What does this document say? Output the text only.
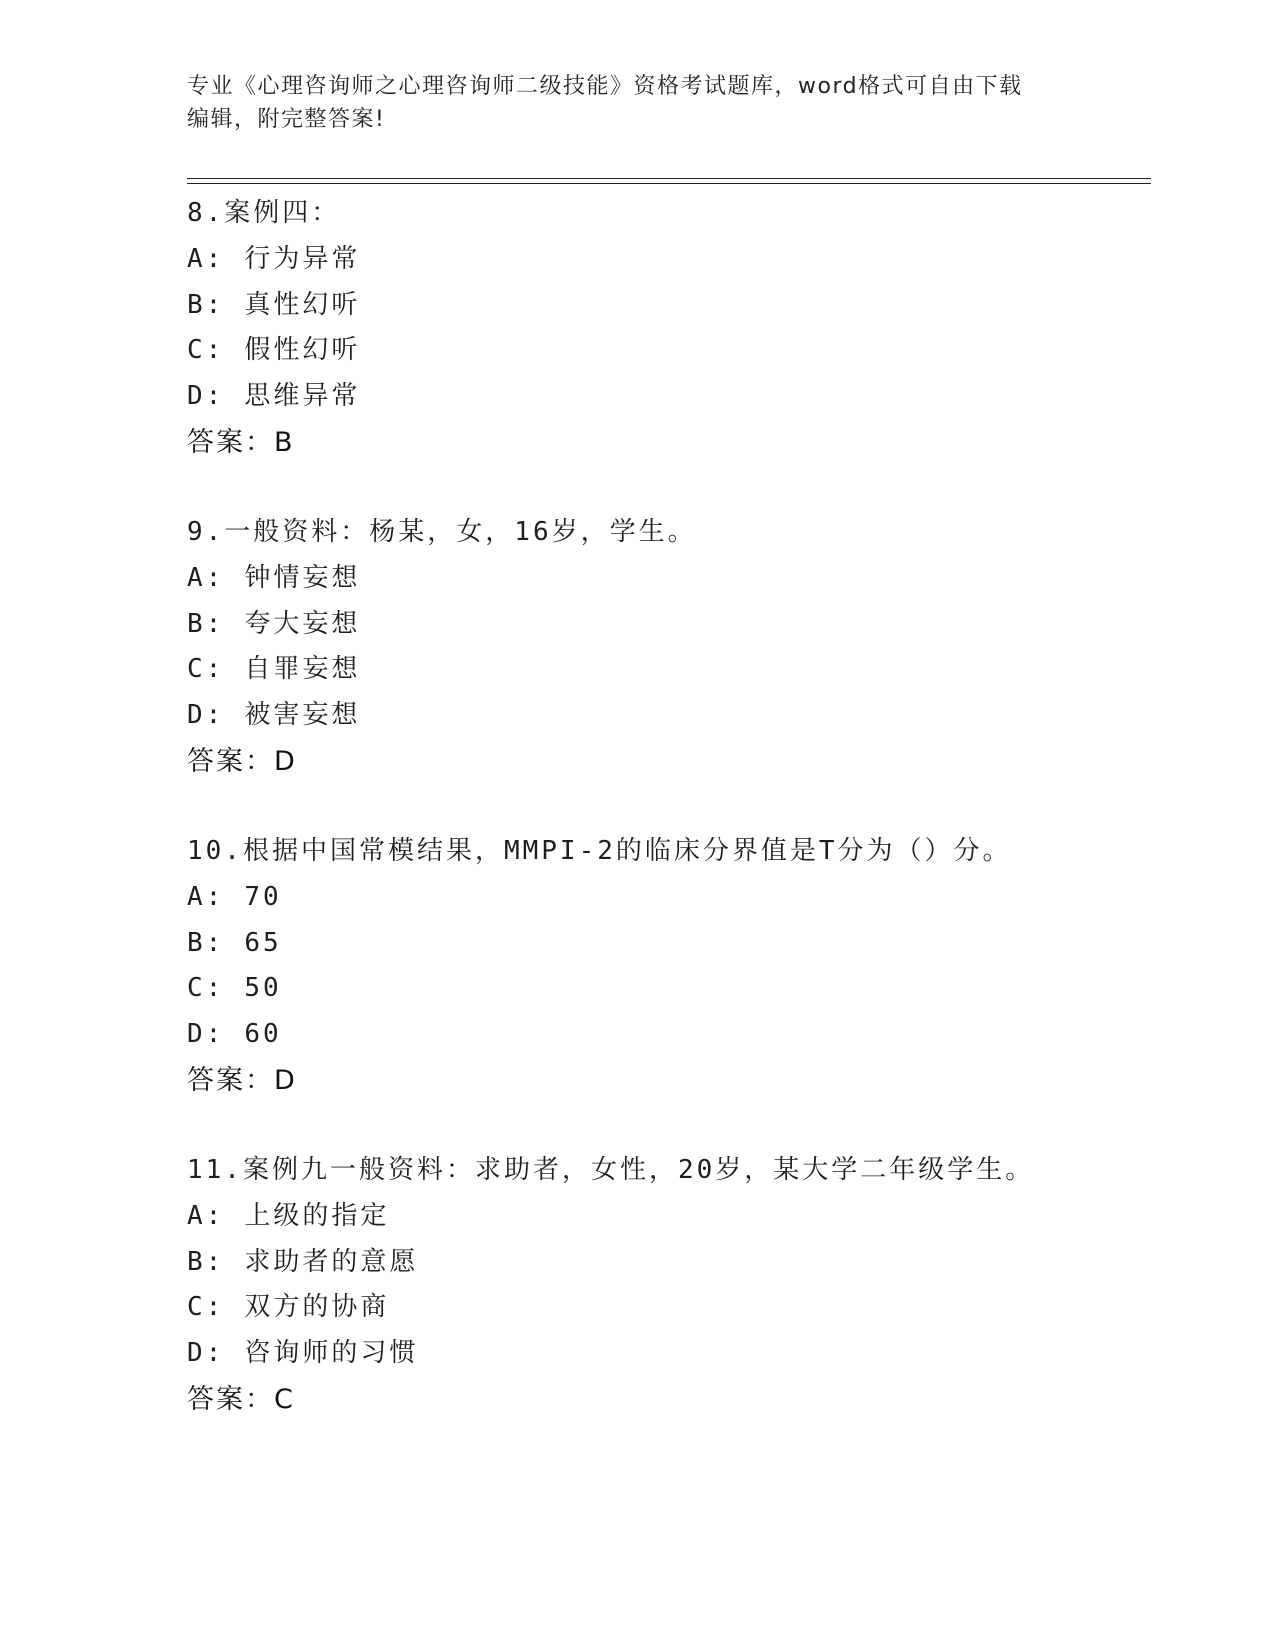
专业《心理咨询师之心理咨询师二级技能》资格考试题库，word格式可自由下载
编辑，附完整答案!
8.案例四：
A: 行为异常
B: 真性幻听
C: 假性幻听
D: 思维异常
答案：B
9.一般资料：杨某，女，16岁，学生。
A: 钟情妄想
B: 夸大妄想
C: 自罪妄想
D: 被害妄想
答案：D
10.根据中国常模结果，MMPI-2的临床分界值是T分为（）分。
A: 70
B: 65
C: 50
D: 60
答案：D
11.案例九一般资料：求助者，女性，20岁，某大学二年级学生。
A: 上级的指定
B: 求助者的意愿
C: 双方的协商
D: 咨询师的习惯
答案：C
